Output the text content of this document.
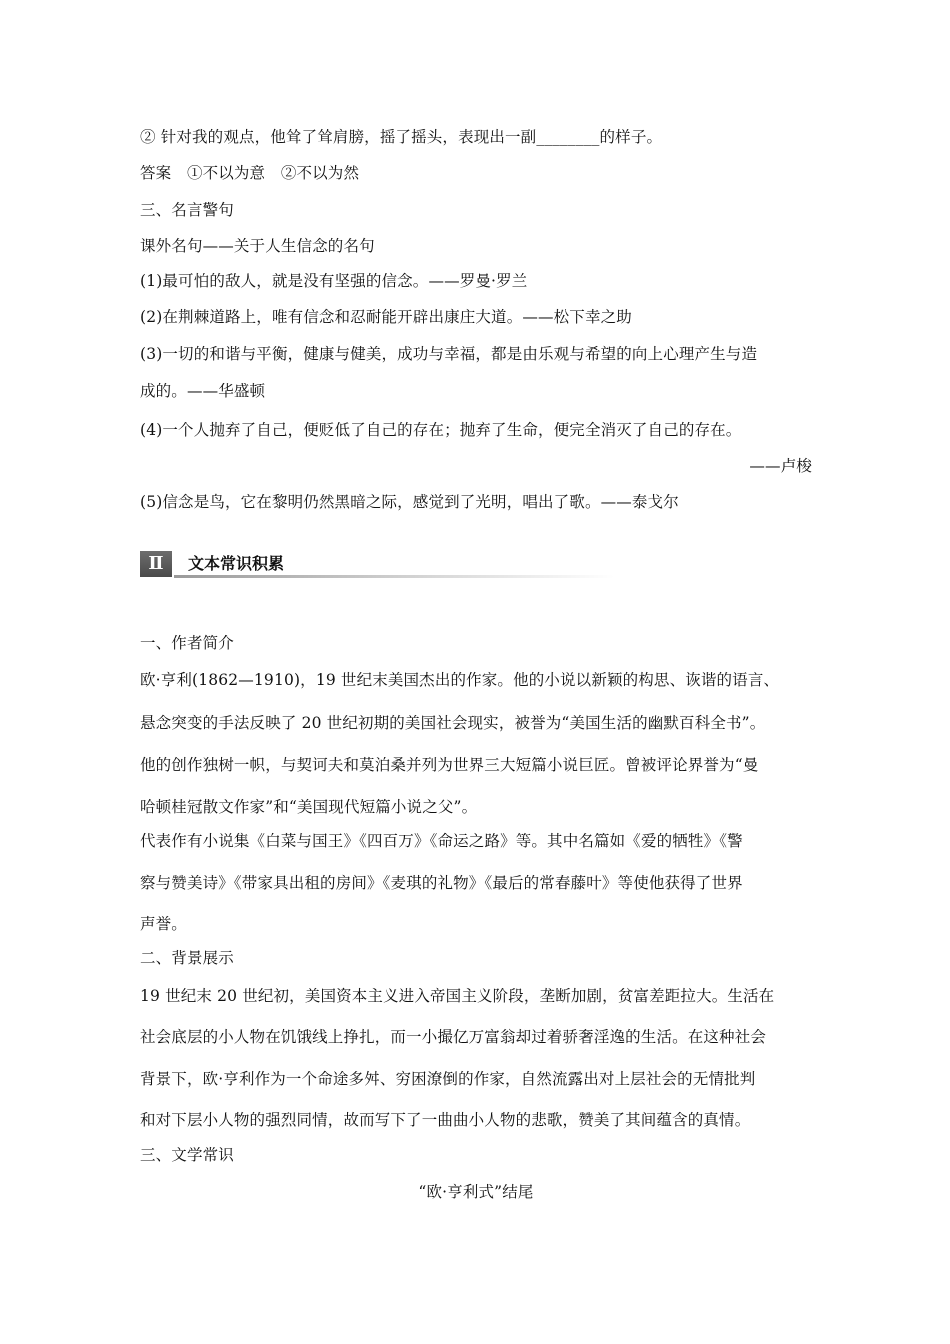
② 针对我的观点，他耸了耸肩膀，摇了摇头，表现出一副________的样子。
答案　①不以为意　②不以为然
三、名言警句
课外名句——关于人生信念的名句
(1)最可怕的敌人，就是没有坚强的信念。——罗曼·罗兰
(2)在荆棘道路上，唯有信念和忍耐能开辟出康庄大道。——松下幸之助
(3)一切的和谐与平衡，健康与健美，成功与幸福，都是由乐观与希望的向上心理产生与造
成的。——华盛顿
(4)一个人抛弃了自己，便贬低了自己的存在；抛弃了生命，便完全消灭了自己的存在。
——卢梭
(5)信念是鸟，它在黎明仍然黑暗之际，感觉到了光明，唱出了歌。——泰戈尔
Ⅱ	文本常识积累
一、作者简介
欧·亨利(1862—1910)，19 世纪末美国杰出的作家。他的小说以新颖的构思、诙谐的语言、
悬念突变的手法反映了 20 世纪初期的美国社会现实，被誉为“美国生活的幽默百科全书”。
他的创作独树一帜，与契诃夫和莫泊桑并列为世界三大短篇小说巨匠。曾被评论界誉为“曼
哈顿桂冠散文作家”和“美国现代短篇小说之父”。
代表作有小说集《白菜与国王》《四百万》《命运之路》等。其中名篇如《爱的牺牲》《警
察与赞美诗》《带家具出租的房间》《麦琪的礼物》《最后的常春藤叶》等使他获得了世界
声誉。
二、背景展示
19 世纪末 20 世纪初，美国资本主义进入帝国主义阶段，垄断加剧，贫富差距拉大。生活在
社会底层的小人物在饥饿线上挣扎，而一小撮亿万富翁却过着骄奢淫逸的生活。在这种社会
背景下，欧·亨利作为一个命途多舛、穷困潦倒的作家，自然流露出对上层社会的无情批判
和对下层小人物的强烈同情，故而写下了一曲曲小人物的悲歌，赞美了其间蕴含的真情。
三、文学常识
“欧·亨利式”结尾
